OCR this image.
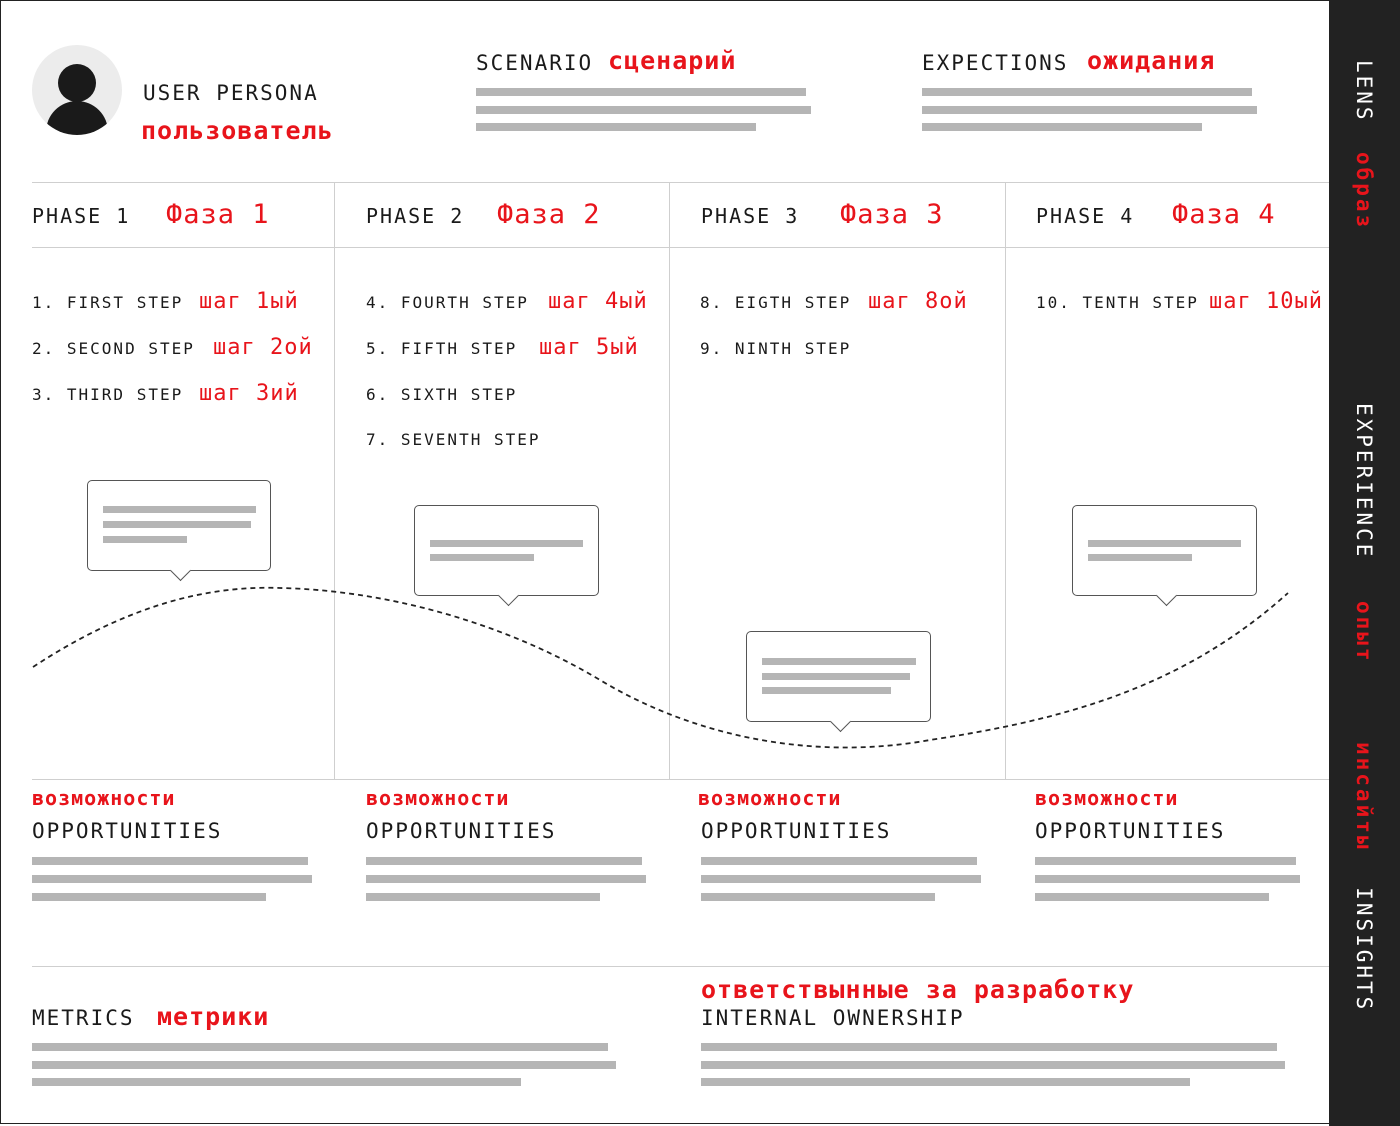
USER PERSONA
пользователь
SCENARIO сценарий	EXPECTIONS ожидания
PHASE 1 Фаза 1	PHASE 2 Фаза 2	PHASE 3 Фаза 3	PHASE 4 Фаза 4
1. FIRST STEP шаг 1ый
2. SECOND STEP шаг 2ой
3. THIRD STEP шаг 3ий
4. FOURTH STEP шаг 4ый
5. FIFTH STEP шаг 5ый
6. SIXTH STEP
7. SEVENTH STEP
8. EIGTH STEP шаг 8ой
9. NINTH STEP
10. TENTH STEP шаг 10ый
возможности
OPPORTUNITIES
возможности
OPPORTUNITIES
возможности
OPPORTUNITIES
возможности
OPPORTUNITIES
METRICS метрики
ответствынные за разработку
INTERNAL OWNERSHIP
LENS образ
EXPERIENCE опыт
инсайты INSIGHTS
